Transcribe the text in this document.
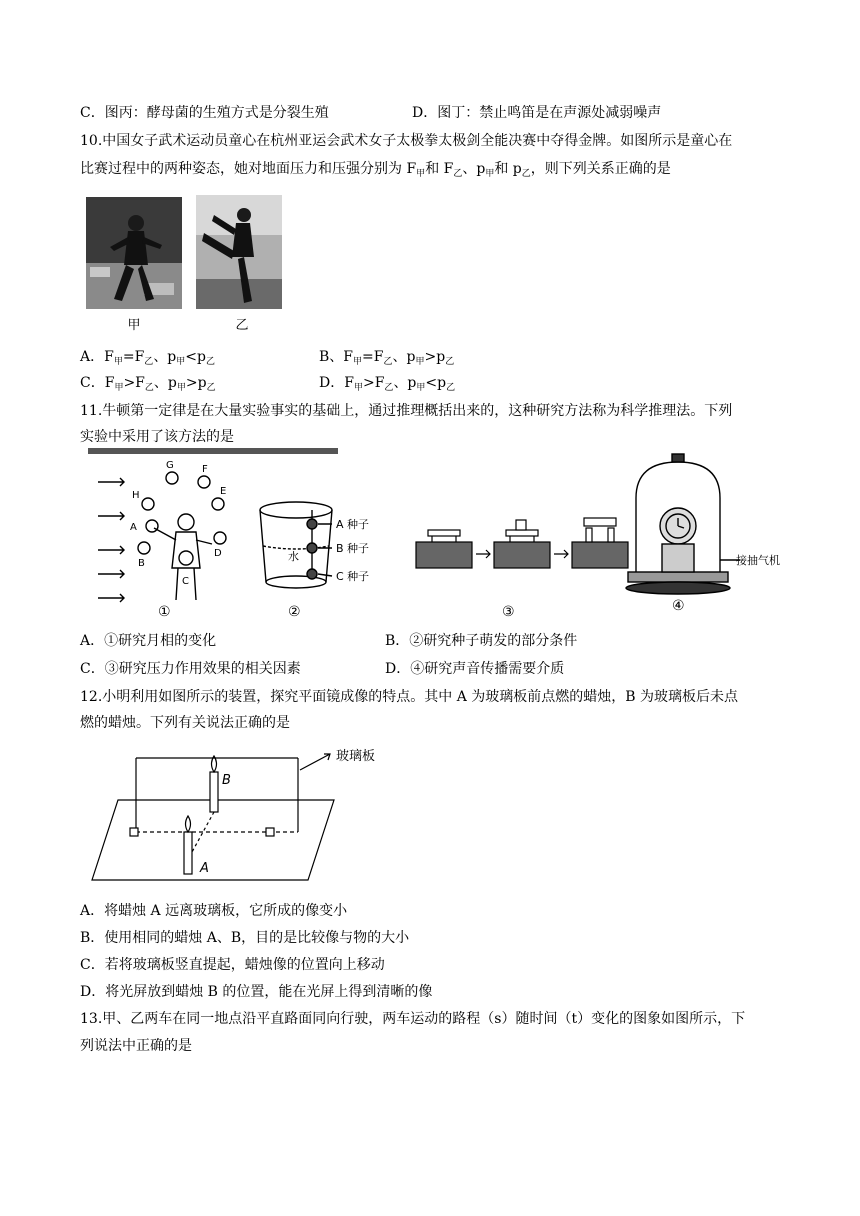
C．图丙：酵母菌的生殖方式是分裂生殖	D．图丁：禁止鸣笛是在声源处减弱噪声
10.中国女子武术运动员童心在杭州亚运会武术女子太极拳太极剑全能决赛中夺得金牌。如图所示是童心在
比赛过程中的两种姿态，她对地面压力和压强分别为 $F_甲$和 $F_乙$、$p_甲$和 $p_乙$，则下列关系正确的是
甲	乙
A．$F_甲=F_乙$、$p_甲<p_乙$	B、$F_甲=F_乙$、$p_甲>p_乙$
C．$F_甲>F_乙$、$p_甲>p_乙$	D．$F_甲>F_乙$、$p_甲<p_乙$
11.牛顿第一定律是在大量实验事实的基础上，通过推理概括出来的，这种研究方法称为科学推理法。下列
实验中采用了该方法的是
H
G	F
E
D
C
B
A
①
A 种子
B 种子
C 种子
水
②	③
接抽气机
④
A．①研究月相的变化	B．②研究种子萌发的部分条件
C．③研究压力作用效果的相关因素	D．④研究声音传播需要介质
12.小明利用如图所示的装置，探究平面镜成像的特点。其中 A 为玻璃板前点燃的蜡烛，B 为玻璃板后未点
燃的蜡烛。下列有关说法正确的是
玻璃板
B
A
A．将蜡烛 A 远离玻璃板，它所成的像变小
B．使用相同的蜡烛 A、B，目的是比较像与物的大小
C．若将玻璃板竖直提起，蜡烛像的位置向上移动
D．将光屏放到蜡烛 B 的位置，能在光屏上得到清晰的像
13.甲、乙两车在同一地点沿平直路面同向行驶，两车运动的路程（s）随时间（t）变化的图象如图所示，下
列说法中正确的是
